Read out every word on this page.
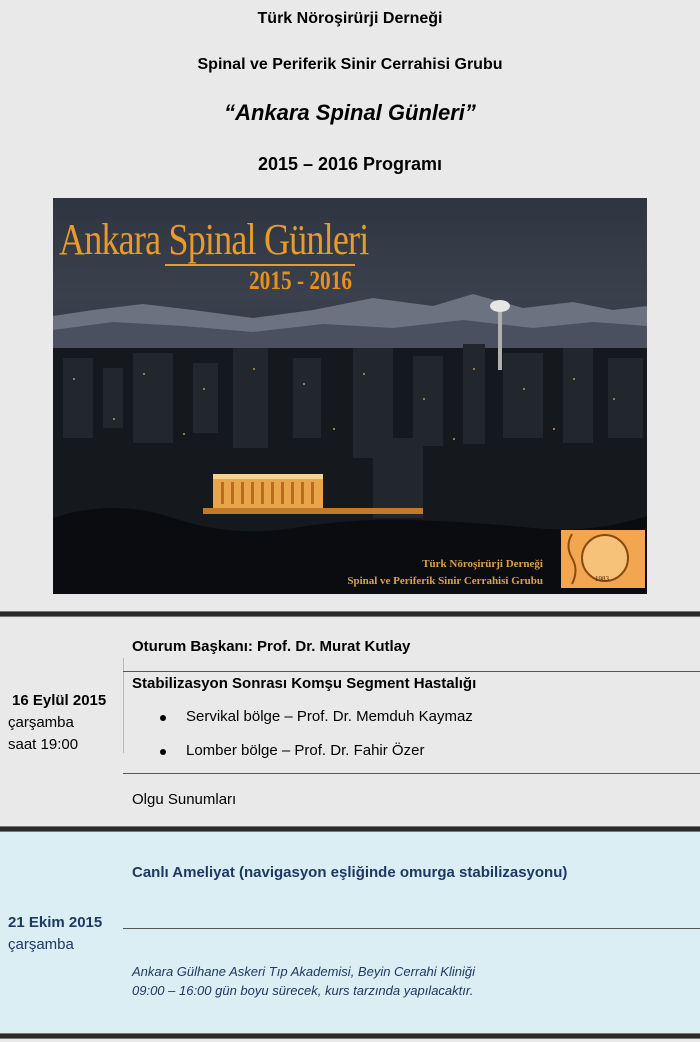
Türk Nöroşirürji Derneği
Spinal ve Periferik Sinir Cerrahisi Grubu
“Ankara Spinal Günleri”
2015 – 2016 Programı
Ankara Spinal Günleri
2015 - 2016
Türk Nöroşirürji Derneği
Spinal ve Periferik Sinir Cerrahisi Grubu	1983
Oturum Başkanı: Prof. Dr. Murat Kutlay
Stabilizasyon Sonrası Komşu Segment Hastalığı
Servikal bölge – Prof. Dr. Memduh Kaymaz
Lomber bölge – Prof. Dr. Fahir Özer
Olgu Sunumları
16 Eylül 2015
çarşamba
saat 19:00
Canlı Ameliyat (navigasyon eşliğinde omurga stabilizasyonu)
Ankara Gülhane Askeri Tıp Akademisi, Beyin Cerrahi Kliniği
09:00 – 16:00 gün boyu sürecek, kurs tarzında yapılacaktır.
21 Ekim 2015
çarşamba
